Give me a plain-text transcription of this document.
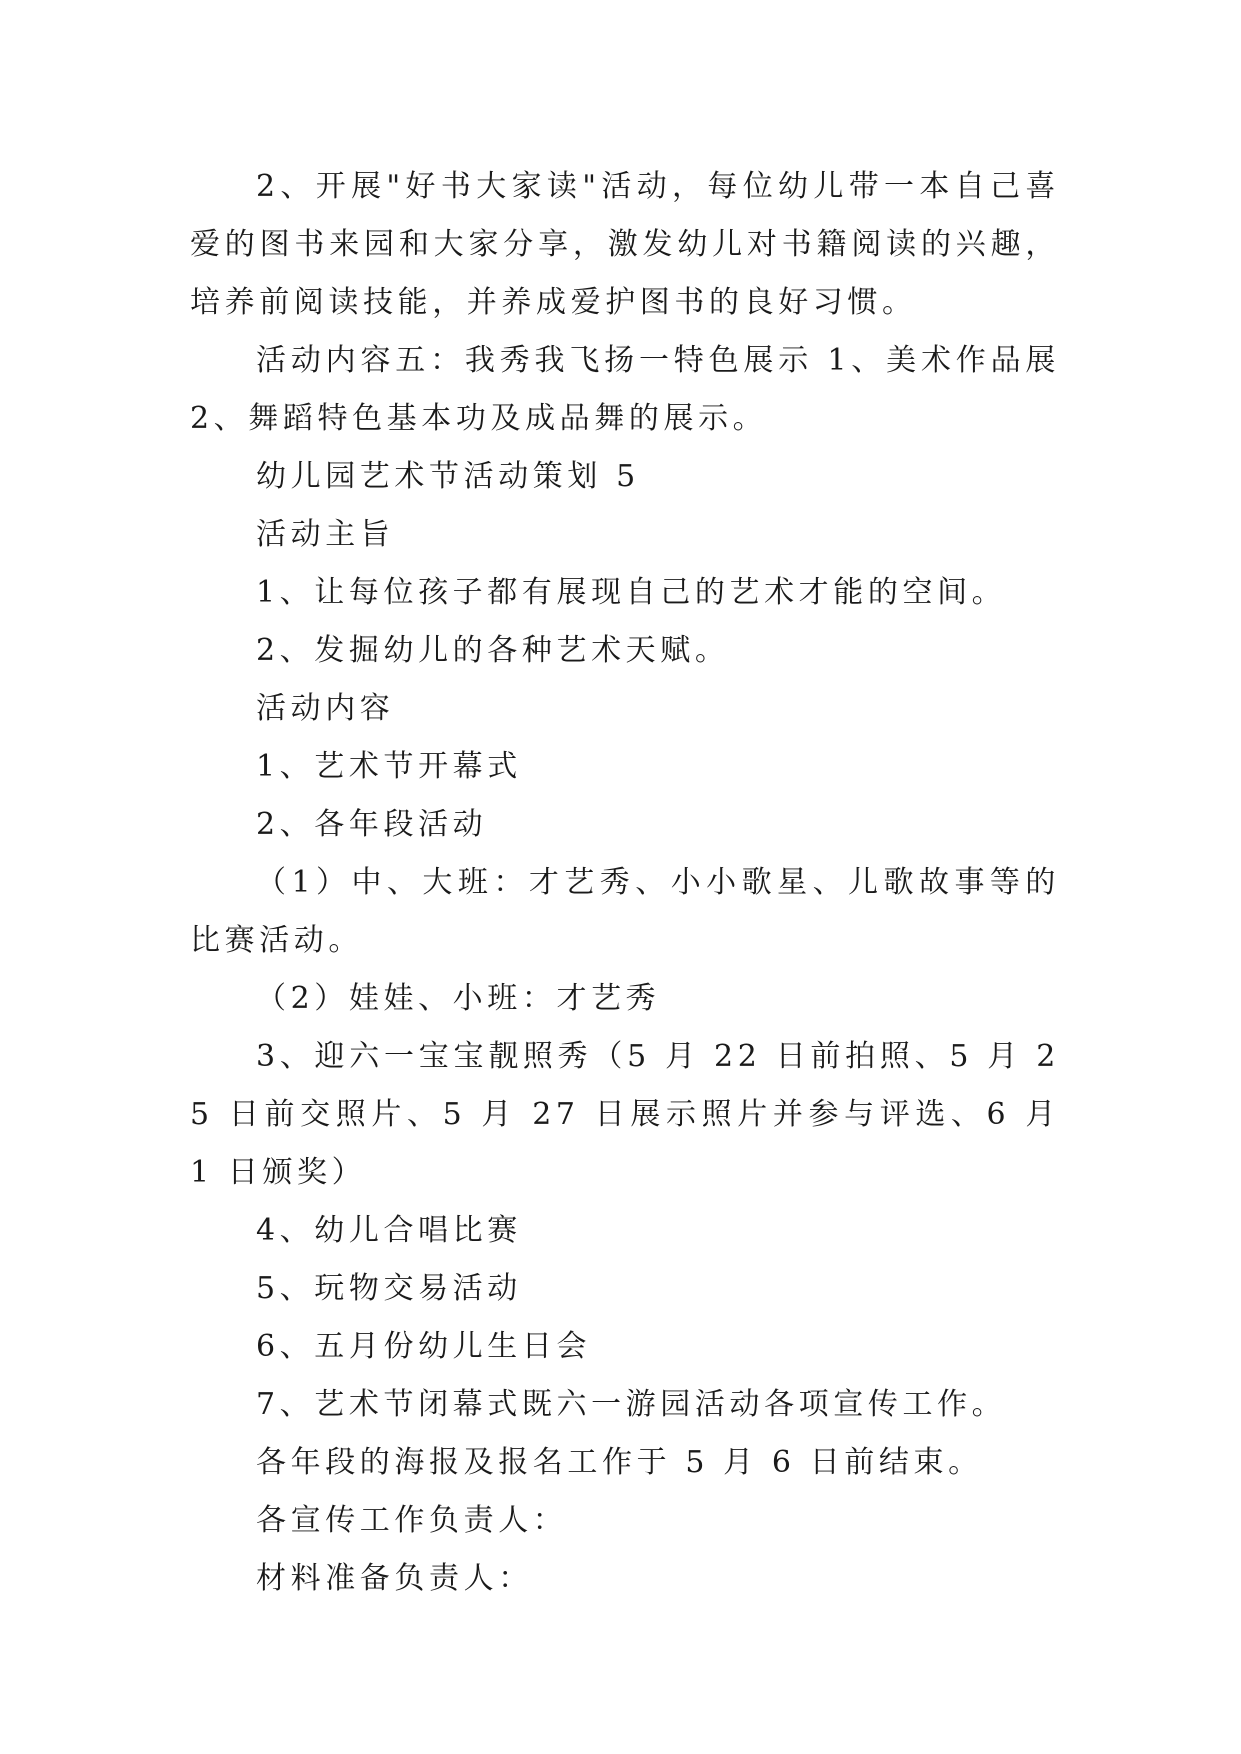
2、开展"好书大家读"活动，每位幼儿带一本自己喜爱的图书来园和大家分享，激发幼儿对书籍阅读的兴趣，培养前阅读技能，并养成爱护图书的良好习惯。

活动内容五：我秀我飞扬一特色展示 1、美术作品展 2、舞蹈特色基本功及成品舞的展示。

幼儿园艺术节活动策划 5

活动主旨

1、让每位孩子都有展现自己的艺术才能的空间。

2、发掘幼儿的各种艺术天赋。

活动内容

1、艺术节开幕式

2、各年段活动

（1）中、大班：才艺秀、小小歌星、儿歌故事等的比赛活动。

（2）娃娃、小班：才艺秀

3、迎六一宝宝靓照秀（5 月 22 日前拍照、5 月 25 日前交照片、5 月 27 日展示照片并参与评选、6 月 1 日颁奖）

4、幼儿合唱比赛

5、玩物交易活动

6、五月份幼儿生日会

7、艺术节闭幕式既六一游园活动各项宣传工作。

各年段的海报及报名工作于 5 月 6 日前结束。

各宣传工作负责人：

材料准备负责人：
